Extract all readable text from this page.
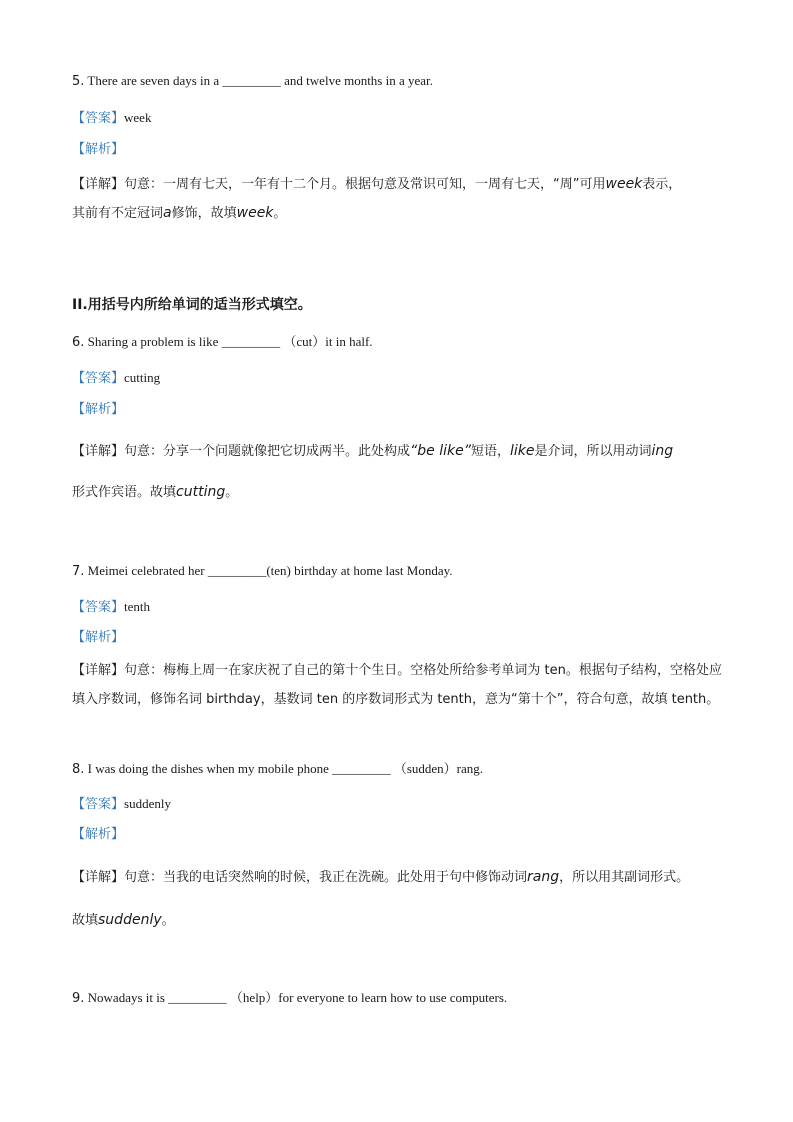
5. There are seven days in a _________ and twelve months in a year.
【答案】week
【解析】
【详解】句意：一周有七天，一年有十二个月。根据句意及常识可知，一周有七天，“周”可用week表示，
其前有不定冠词a修饰，故填week。
II.用括号内所给单词的适当形式填空。
6. Sharing a problem is like _________ （cut）it in half.
【答案】cutting
【解析】
【详解】句意：分享一个问题就像把它切成两半。此处构成“be like”短语，like是介词，所以用动词ing
形式作宾语。故填cutting。
7. Meimei celebrated her _________(ten) birthday at home last Monday.
【答案】tenth
【解析】
【详解】句意：梅梅上周一在家庆祝了自己的第十个生日。空格处所给参考单词为 ten。根据句子结构，空格处应填入序数词，修饰名词 birthday，基数词 ten 的序数词形式为 tenth，意为“第十个”，符合句意，故填 tenth。
8. I was doing the dishes when my mobile phone _________ （sudden）rang.
【答案】suddenly
【解析】
【详解】句意：当我的电话突然响的时候，我正在洗碗。此处用于句中修饰动词rang，所以用其副词形式。
故填suddenly。
9. Nowadays it is _________ （help）for everyone to learn how to use computers.
